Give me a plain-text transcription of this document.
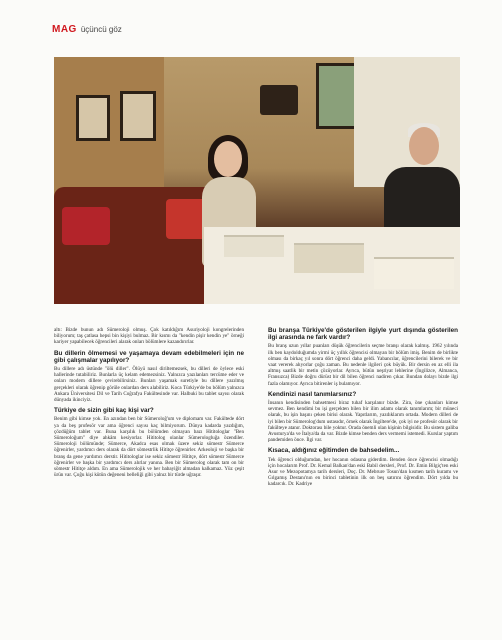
MAG üçüncü göz

altı: Bizde bunun adı Sümeroloji olmuş. Çok katıldığım Asuriyoloji kongrelerinden biliyorum; taş çatlasa hepsi bin kişiyi bulmaz. Bir kısmı da "kendin pişir kendin ye" örneği kariyer yapabilecek öğrencileri alarak onları bölümlere kazandırırlar.

Bu dillerin ölmemesi ve yaşamaya devam edebilmeleri için ne gibi çalışmalar yapılıyor?

Bu dillere adı üstünde "ölü diller". Ölüyü nasıl diriltemezsek, bu dilleri de öylece eski hallerinde tutabiliriz. Bunlarla üç kelam edemezsiniz. Yalnızca yazılanları tercüme eder ve onları modern dillere çevirebilirsiniz. Bunları yaşamak suretiyle bu dillere yazılmış gerçekleri olarak öğrenip görüle onlardan ders alabiliriz. Koca Türkiye'de bu bölüm yalnızca Ankara Üniversitesi Dil ve Tarih Coğrafya Fakültesinde var. Halbuki bu tablet sayısı olarak dünyada ikinciyiz.

Türkiye de sizin gibi kaç kişi var?

Benim gibi kimse yok. En azından ben bir Sümeroloğ'um ve diplomam var. Fakültede dört ya da beş profesör var ama öğrenci sayısı kaç bilmiyorum. Dünya kadarda yazdığım, çözdüğüm tablet var. Buna karşılık bu bölümden olmayan bazı Hititologlar "Ben Sümeroloğum" diye ahkâm kesiyorlar. Hititolog olanlar Sümerologluğa özendiler. Sümeroloji bölümünde; Sümerce, Akadca esas olmak üzere sekiz sömestr Sümerce öğrenirler, yardımcı ders olarak da dört sömestrlik Hititçe öğrenirler. Arkeoloji ve başka bir branş da gene yardımcı derstir. Hititologlar ise sekiz sömestr Hititçe, dört sömestr Sümerce öğrenirler ve başka bir yardımcı ders alırlar yanına. Ben bir Sümerolog olarak tam on bir sömestr Hititçe aldım. En ama Sümerolojik ve her babayiğit almadan kalkamaz. Yüz çeşit ürün var. Çoğu kişi kütün değeneni belleliği gibi yalnız bir türde uğraşır.

Bu branşa Türkiye'de gösterilen ilgiyle yurt dışında gösterilen ilgi arasında ne fark vardır?

Bu branş uzun yıllar puanları düşük öğrencilerin seçme branşı olarak kalmış. 1962 yılında ilk ben kaydolduğumda yirmi üç yıllık öğrencisi olmayan bir bölüm imiş. Benim de birlikte olması da birkaç yıl sonra dört öğrenci daha geldi. Yabancılar, öğrencilerini bilerek ve bir vaat vererek alıyorlar çoğu zaman. Bu nedenle ilgileri çok büyük. Bir dersin en az elli ila altmış saatlik bir metin çözüyorlar. Ayrıca, bütün neşriyat lehlerine (İngilizce, Almanca, Fransızca) Bizde doğru dürüst bir dil bilen öğrenci nadiren çıkar. Bundan dolayı bizde ilgi fazla olamıyor. Ayrıca bitirenler iş bulamıyor.

Kendinizi nasıl tanımlarsınız?

İnsanın kendisinden bahsetmesi biraz tuhaf karşılanır bizde. Zira, öne çıkanları kimse sevmez. Ben kendimi bu işi gerçekten bilen bir ilim adamı olarak tanımlarım; bir müneci olarak, bu işin başını çeken birisi olarak. Yapıtlarım, yazdıklarım ortada. Modern dilleri de iyi bilen bir Sümerolog'dum ustasıdır, örnek olarak İngiltere'de, çok iyi ne profesör olarak bir fakülteye atanır. Doktorası bile yoktur. Orada önemli olan kişinin bilgisidir. Bu sistem galiba Avusturya'da ve İtalya'da da var. Bizde kimse benden ders vermemi istemedi. Kurslar yaptım pandemiden önce. İlgi var.

Kısaca, aldığınız eğitimden de bahsedelim...

Tek öğrenci olduğumdan, her hocanın odasına giderdim. Benden önce öğrencisi olmadığı için hocalarım Prof. Dr. Kemal Balkan'dan eski Babil dersleri, Prof. Dr. Emin Bilgiç'ten eski Asur ve Mezopotamya tarih dersleri, Doç. Dr. Mebrure Tosun'dan kısmen tarih kuramı ve Gılgamış Destanı'nın en birinci tabletinin ilk on beş satırını öğrendim. Dört yılda bu kadarcık. Dr. Kadriye
